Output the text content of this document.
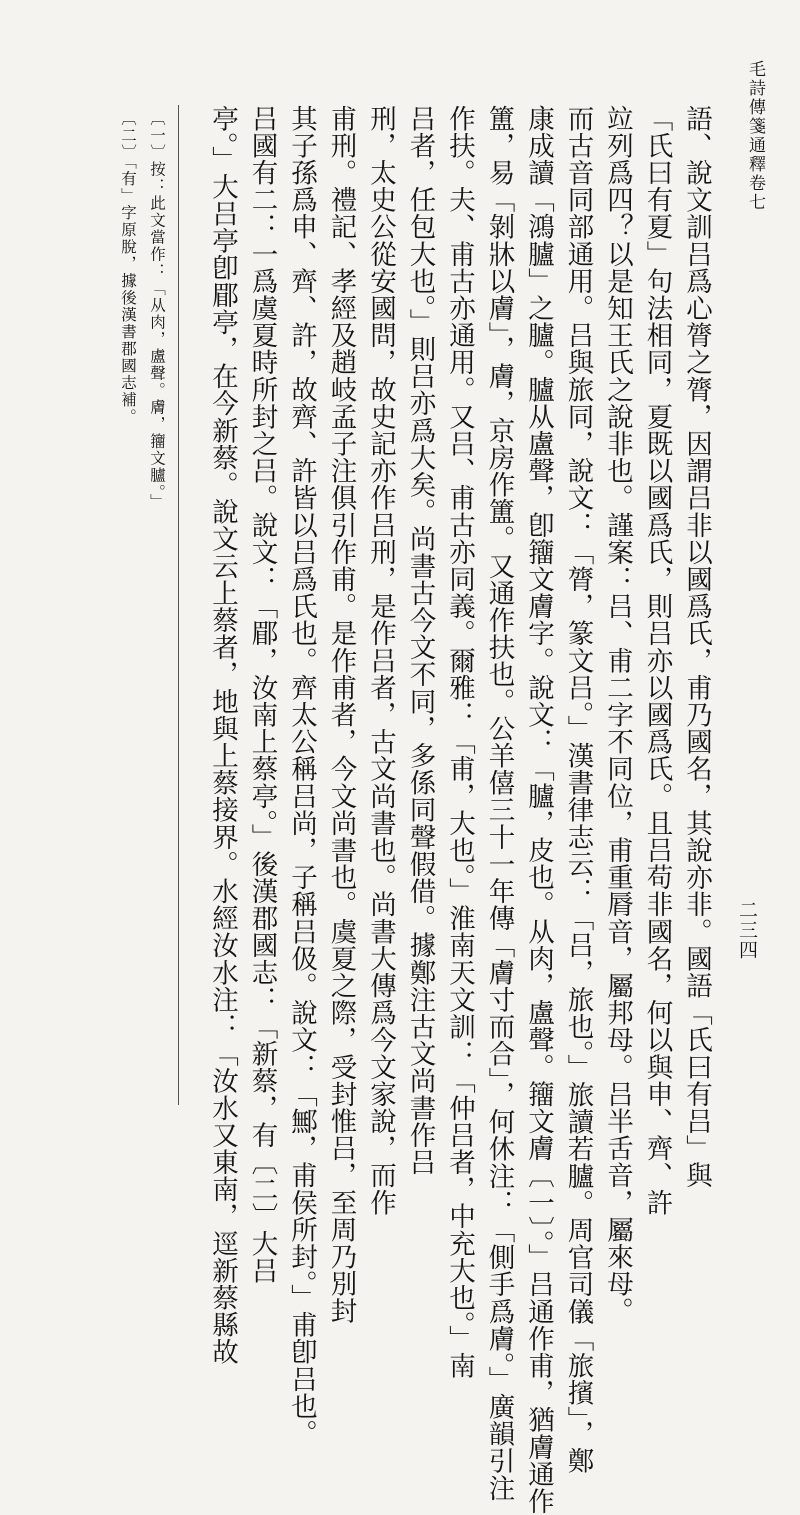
毛詩傳箋通釋卷七
二三四
語、說文訓吕爲心膂之膂，因謂吕非以國爲氏，甫乃國名，其說亦非。國語「氏曰有吕」與
「氏曰有夏」句法相同，夏既以國爲氏，則吕亦以國爲氏。且吕苟非國名，何以與申、齊、許
竝列爲四？以是知王氏之說非也。謹案：吕、甫二字不同位，甫重脣音，屬邦母。吕半舌音，屬來母。
而古音同部通用。吕與旅同，說文：「膂，篆文吕。」漢書律志云：「吕，旅也。」旅讀若臚。周官司儀「旅擯」，鄭
康成讀「鴻臚」之臚。臚从盧聲，卽籒文膚字。說文：「臚，皮也。从肉，盧聲。籒文膚〔一〕。」吕通作甫，猶膚通作
簠，易「剝牀以膚」，膚，京房作簠。又通作扶也。公羊僖三十一年傳「膚寸而合」，何休注：「側手爲膚。」廣韻引注
作扶。夫、甫古亦通用。又吕、甫古亦同義。爾雅：「甫，大也。」淮南天文訓：「仲吕者，中充大也。」南
吕者，任包大也。」則吕亦爲大矣。尚書古今文不同，多係同聲假借。據鄭注古文尚書作吕
刑，太史公從安國問，故史記亦作吕刑，是作吕者，古文尚書也。尚書大傳爲今文家說，而作
甫刑。禮記、孝經及趙岐孟子注俱引作甫。是作甫者，今文尚書也。虞夏之際，受封惟吕，至周乃別封
其子孫爲申、齊、許，故齊、許皆以吕爲氏也。齊太公稱吕尚，子稱吕伋。說文：「鄦，甫侯所封。」甫卽吕也。
吕國有二：一爲虞夏時所封之吕。說文：「郿，汝南上蔡亭。」後漢郡國志：「新蔡，有〔二〕大吕
亭。」大吕亭卽郿亭，在今新蔡。說文云上蔡者，地與上蔡接界。水經汝水注：「汝水又東南，逕新蔡縣故
〔一〕按：此文當作：「从肉，盧聲。膚，籒文臚。」
〔二〕「有」字原脫，據後漢書郡國志補。
